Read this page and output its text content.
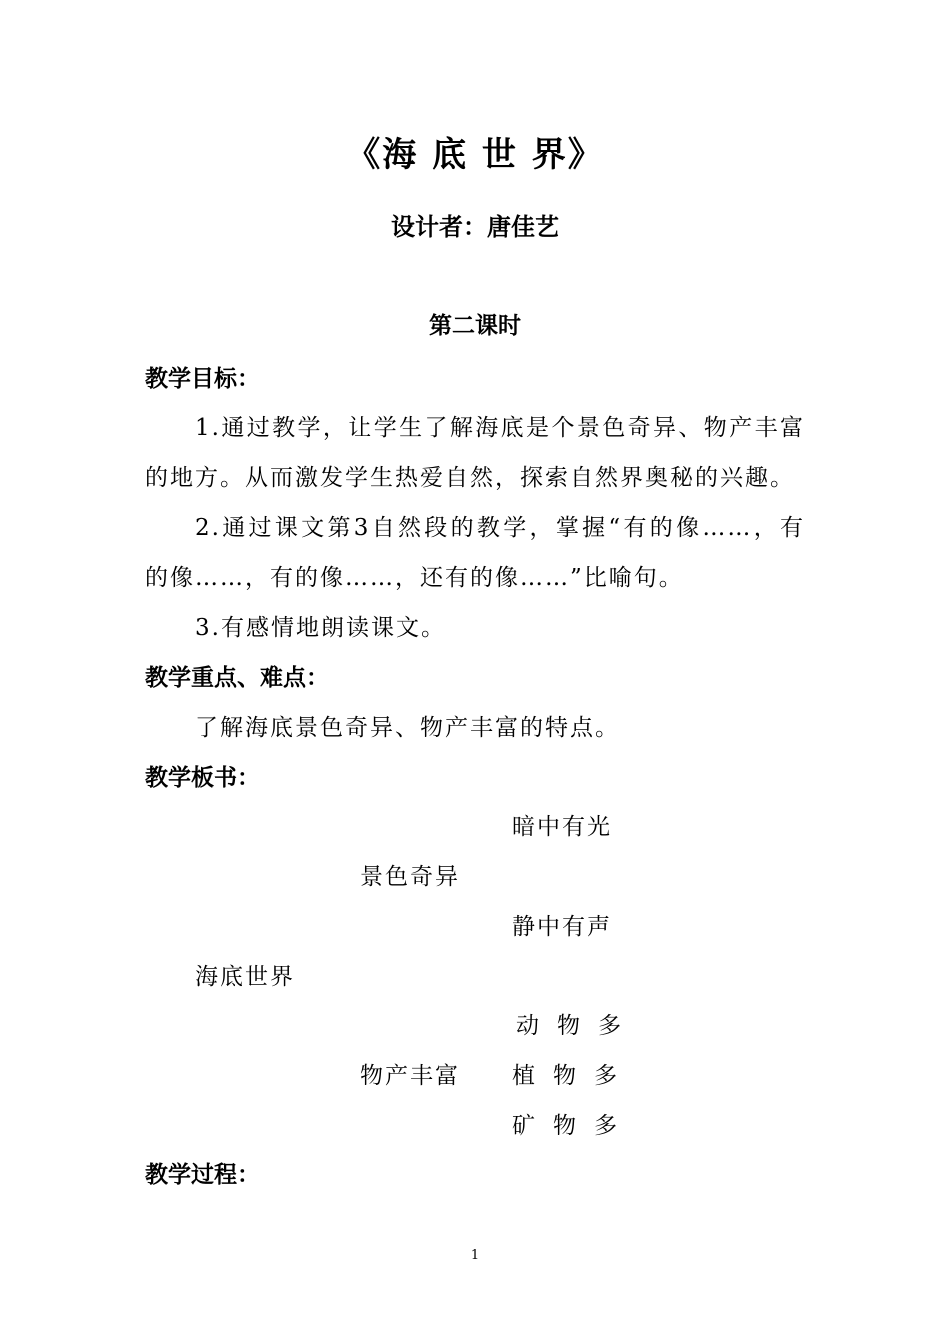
《海 底 世 界》
设计者：唐佳艺
第二课时
教学目标：
1.通过教学，让学生了解海底是个景色奇异、物产丰富
的地方。从而激发学生热爱自然，探索自然界奥秘的兴趣。
2.通过课文第3自然段的教学，掌握“有的像……，有
的像……，有的像……，还有的像……”比喻句。
3.有感情地朗读课文。
教学重点、难点：
了解海底景色奇异、物产丰富的特点。
教学板书：
暗中有光
景色奇异
静中有声
海底世界
动物多
物产丰富 植物多
矿物多
教学过程：
1
